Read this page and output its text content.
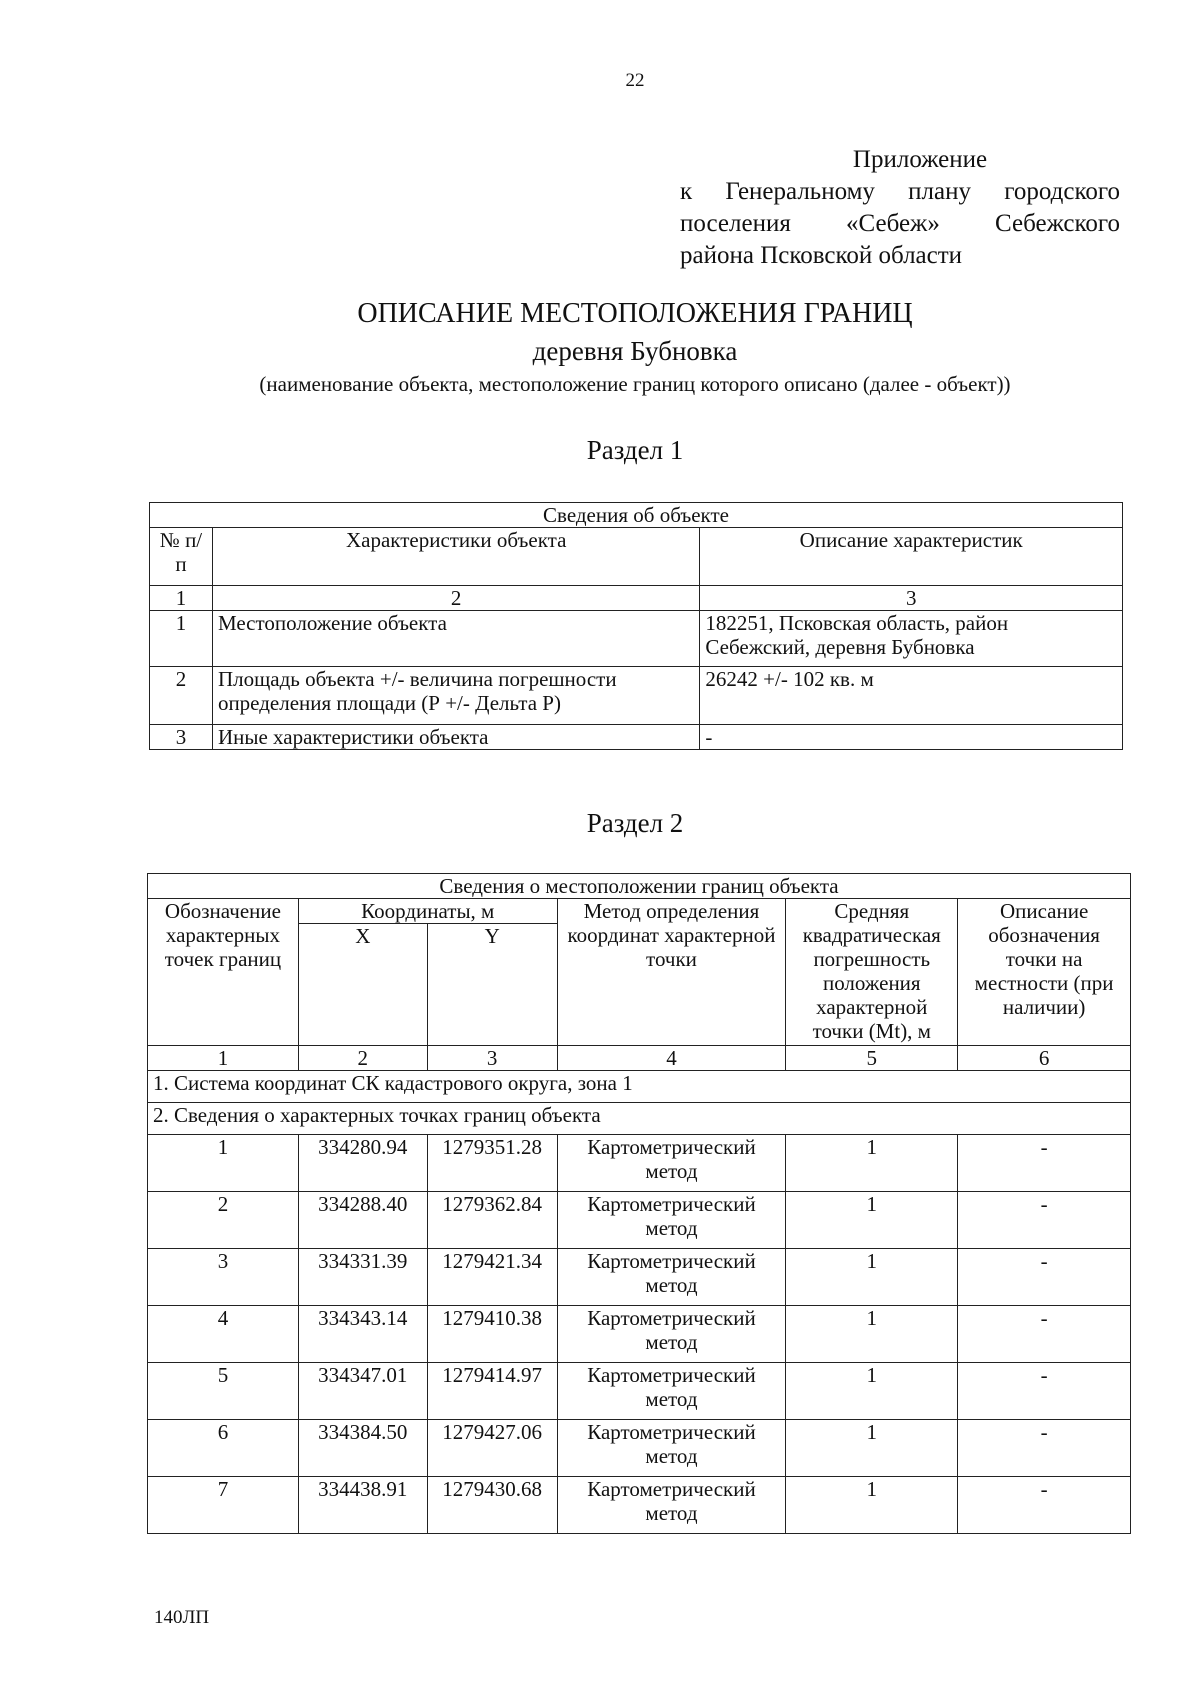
22
Приложение
к Генеральному плану городского
поселения «Себеж» Себежского
района Псковской области
ОПИСАНИЕ МЕСТОПОЛОЖЕНИЯ ГРАНИЦ
деревня Бубновка
(наименование объекта, местоположение границ которого описано (далее - объект))
Раздел 1
Сведения об объекте		
№ п/п	Характеристики объекта	Описание характеристик
1	2	3
1	Местоположение объекта	182251, Псковская область, район Себежский, деревня Бубновка
2	Площадь объекта +/- величина погрешности определения площади (Р +/- Дельта Р)	26242 +/- 102 кв. м
3	Иные характеристики объекта	-
Раздел 2
Сведения о местоположении границ объекта					
Обозначение характерных точек границ	Координаты, м		Метод определения координат характерной точки	Средняя квадратическая погрешность положения характерной точки (Mt), м	Описание обозначения точки на местности (при наличии)
	X	Y			
1	2	3	4	5	6
1. Система координат СК кадастрового округа, зона 1					
2. Сведения о характерных точках границ объекта					
1	334280.94	1279351.28	Картометрический метод	1	-
2	334288.40	1279362.84	Картометрический метод	1	-
3	334331.39	1279421.34	Картометрический метод	1	-
4	334343.14	1279410.38	Картометрический метод	1	-
5	334347.01	1279414.97	Картометрический метод	1	-
6	334384.50	1279427.06	Картометрический метод	1	-
7	334438.91	1279430.68	Картометрический метод	1	-
140ЛП
